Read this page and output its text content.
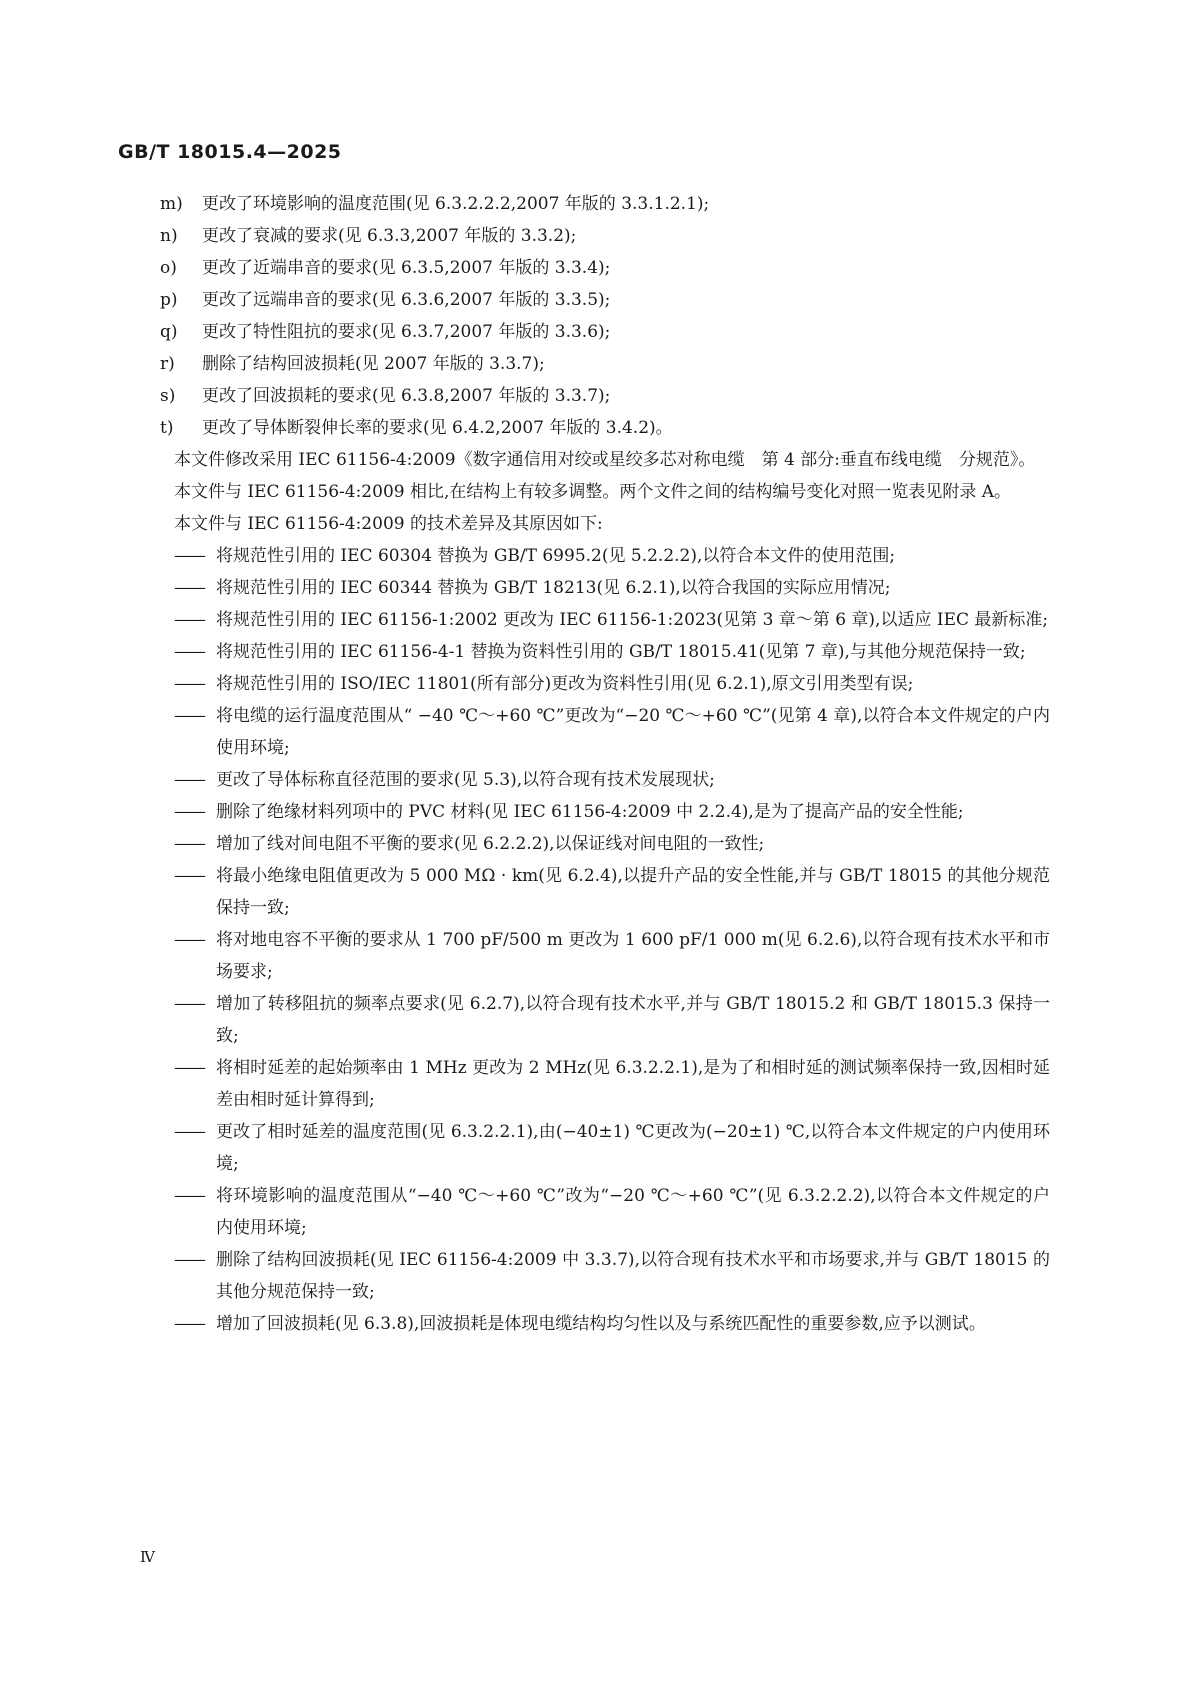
GB/T 18015.4—2025
m)	更改了环境影响的温度范围(见 6.3.2.2.2,2007 年版的 3.3.1.2.1);
n)	更改了衰减的要求(见 6.3.3,2007 年版的 3.3.2);
o)	更改了近端串音的要求(见 6.3.5,2007 年版的 3.3.4);
p)	更改了远端串音的要求(见 6.3.6,2007 年版的 3.3.5);
q)	更改了特性阻抗的要求(见 6.3.7,2007 年版的 3.3.6);
r)	删除了结构回波损耗(见 2007 年版的 3.3.7);
s)	更改了回波损耗的要求(见 6.3.8,2007 年版的 3.3.7);
t)	更改了导体断裂伸长率的要求(见 6.4.2,2007 年版的 3.4.2)。

本文件修改采用 IEC 61156-4:2009《数字通信用对绞或星绞多芯对称电缆　第 4 部分:垂直布线电缆　分规范》。

本文件与 IEC 61156-4:2009 相比,在结构上有较多调整。两个文件之间的结构编号变化对照一览表见附录 A。

本文件与 IEC 61156-4:2009 的技术差异及其原因如下:

—— 将规范性引用的 IEC 60304 替换为 GB/T 6995.2(见 5.2.2.2),以符合本文件的使用范围;
—— 将规范性引用的 IEC 60344 替换为 GB/T 18213(见 6.2.1),以符合我国的实际应用情况;
—— 将规范性引用的 IEC 61156-1:2002 更改为 IEC 61156-1:2023(见第 3 章～第 6 章),以适应 IEC 最新标准;
—— 将规范性引用的 IEC 61156-4-1 替换为资料性引用的 GB/T 18015.41(见第 7 章),与其他分规范保持一致;
—— 将规范性引用的 ISO/IEC 11801(所有部分)更改为资料性引用(见 6.2.1),原文引用类型有误;
—— 将电缆的运行温度范围从“ −40 ℃～+60 ℃”更改为“−20 ℃～+60 ℃”(见第 4 章),以符合本文件规定的户内使用环境;
—— 更改了导体标称直径范围的要求(见 5.3),以符合现有技术发展现状;
—— 删除了绝缘材料列项中的 PVC 材料(见 IEC 61156-4:2009 中 2.2.4),是为了提高产品的安全性能;
—— 增加了线对间电阻不平衡的要求(见 6.2.2.2),以保证线对间电阻的一致性;
—— 将最小绝缘电阻值更改为 5 000 MΩ · km(见 6.2.4),以提升产品的安全性能,并与 GB/T 18015 的其他分规范保持一致;
—— 将对地电容不平衡的要求从 1 700 pF/500 m 更改为 1 600 pF/1 000 m(见 6.2.6),以符合现有技术水平和市场要求;
—— 增加了转移阻抗的频率点要求(见 6.2.7),以符合现有技术水平,并与 GB/T 18015.2 和 GB/T 18015.3 保持一致;
—— 将相时延差的起始频率由 1 MHz 更改为 2 MHz(见 6.3.2.2.1),是为了和相时延的测试频率保持一致,因相时延差由相时延计算得到;
—— 更改了相时延差的温度范围(见 6.3.2.2.1),由(−40±1) ℃更改为(−20±1) ℃,以符合本文件规定的户内使用环境;
—— 将环境影响的温度范围从“−40 ℃～+60 ℃”改为“−20 ℃～+60 ℃”(见 6.3.2.2.2),以符合本文件规定的户内使用环境;
—— 删除了结构回波损耗(见 IEC 61156-4:2009 中 3.3.7),以符合现有技术水平和市场要求,并与 GB/T 18015 的其他分规范保持一致;
—— 增加了回波损耗(见 6.3.8),回波损耗是体现电缆结构均匀性以及与系统匹配性的重要参数,应予以测试。
Ⅳ
